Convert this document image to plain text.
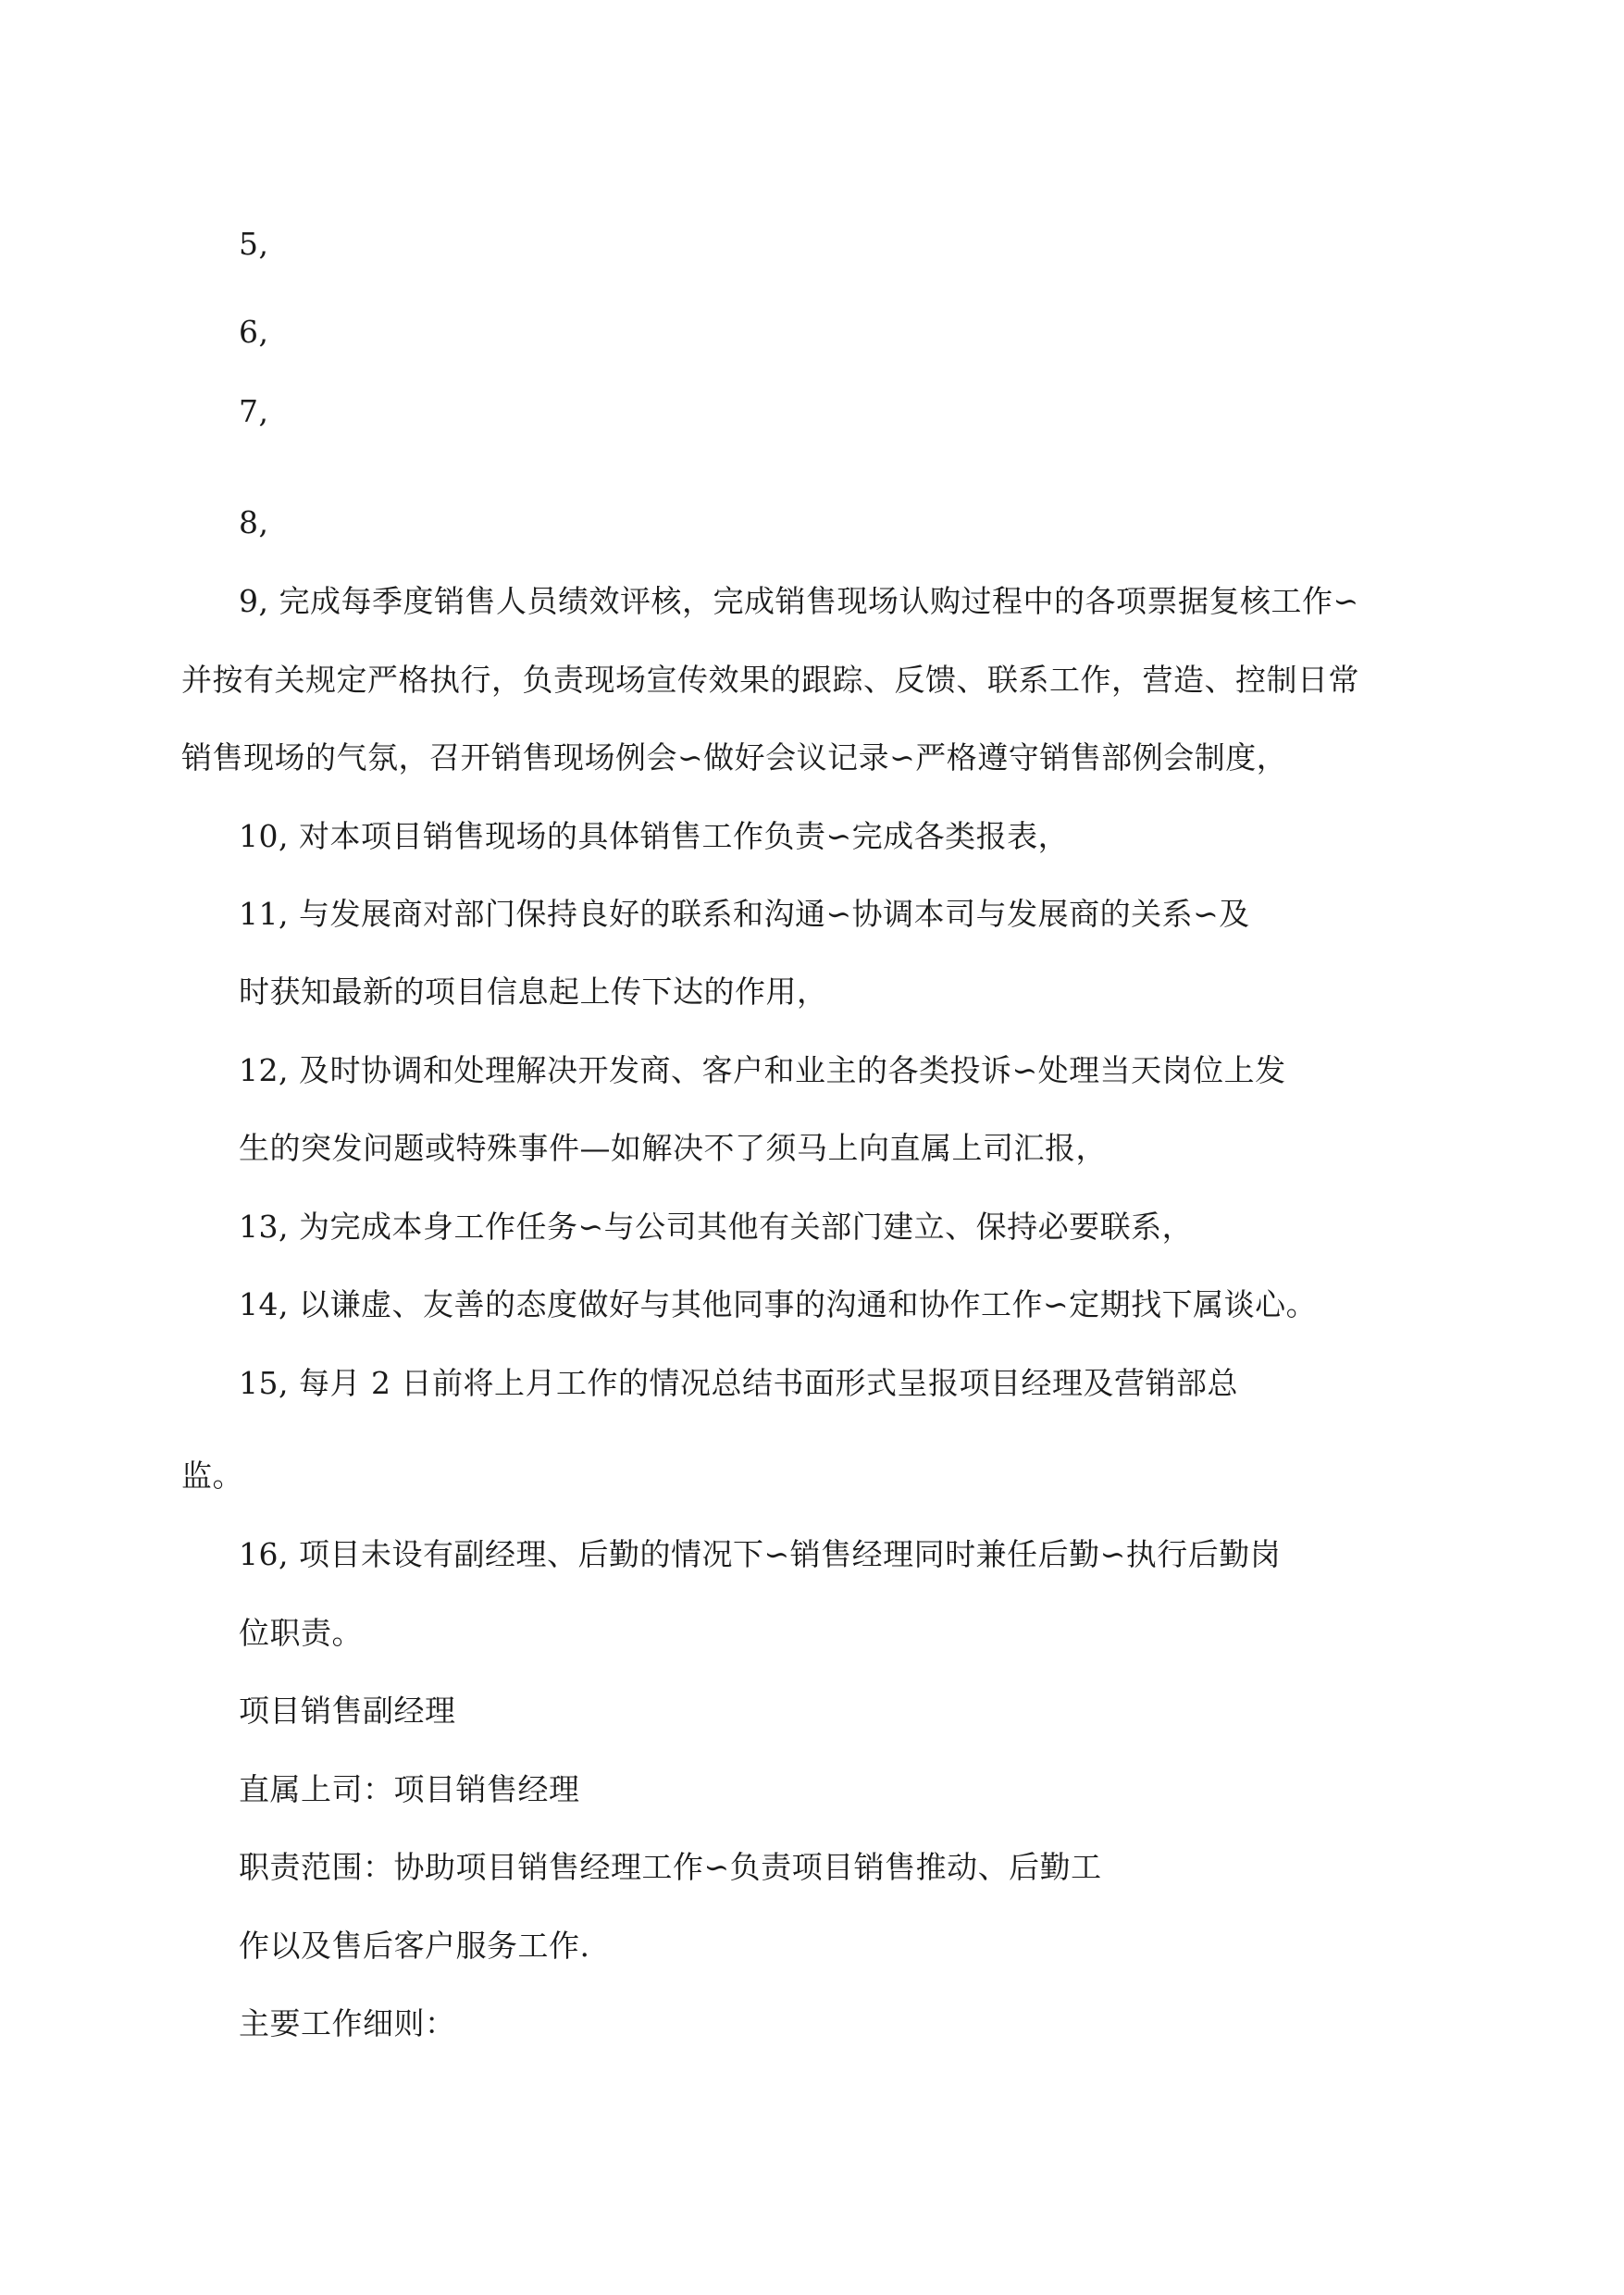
5,
6,
7,
8,
9, 完成每季度销售人员绩效评核，完成销售现场认购过程中的各项票据复核工作∽
并按有关规定严格执行，负责现场宣传效果的跟踪、反馈、联系工作，营造、控制日常
销售现场的气氛，召开销售现场例会∽做好会议记录∽严格遵守销售部例会制度，
10, 对本项目销售现场的具体销售工作负责∽完成各类报表，
11, 与发展商对部门保持良好的联系和沟通∽协调本司与发展商的关系∽及
时获知最新的项目信息起上传下达的作用，
12, 及时协调和处理解决开发商、客户和业主的各类投诉∽处理当天岗位上发
生的突发问题或特殊事件—如解决不了须马上向直属上司汇报，
13, 为完成本身工作任务∽与公司其他有关部门建立、保持必要联系，
14, 以谦虚、友善的态度做好与其他同事的沟通和协作工作∽定期找下属谈心。
15, 每月 2 日前将上月工作的情况总结书面形式呈报项目经理及营销部总
监。
16, 项目未设有副经理、后勤的情况下∽销售经理同时兼任后勤∽执行后勤岗
位职责。
项目销售副经理
直属上司：项目销售经理
职责范围：协助项目销售经理工作∽负责项目销售推动、后勤工
作以及售后客户服务工作.
主要工作细则：
